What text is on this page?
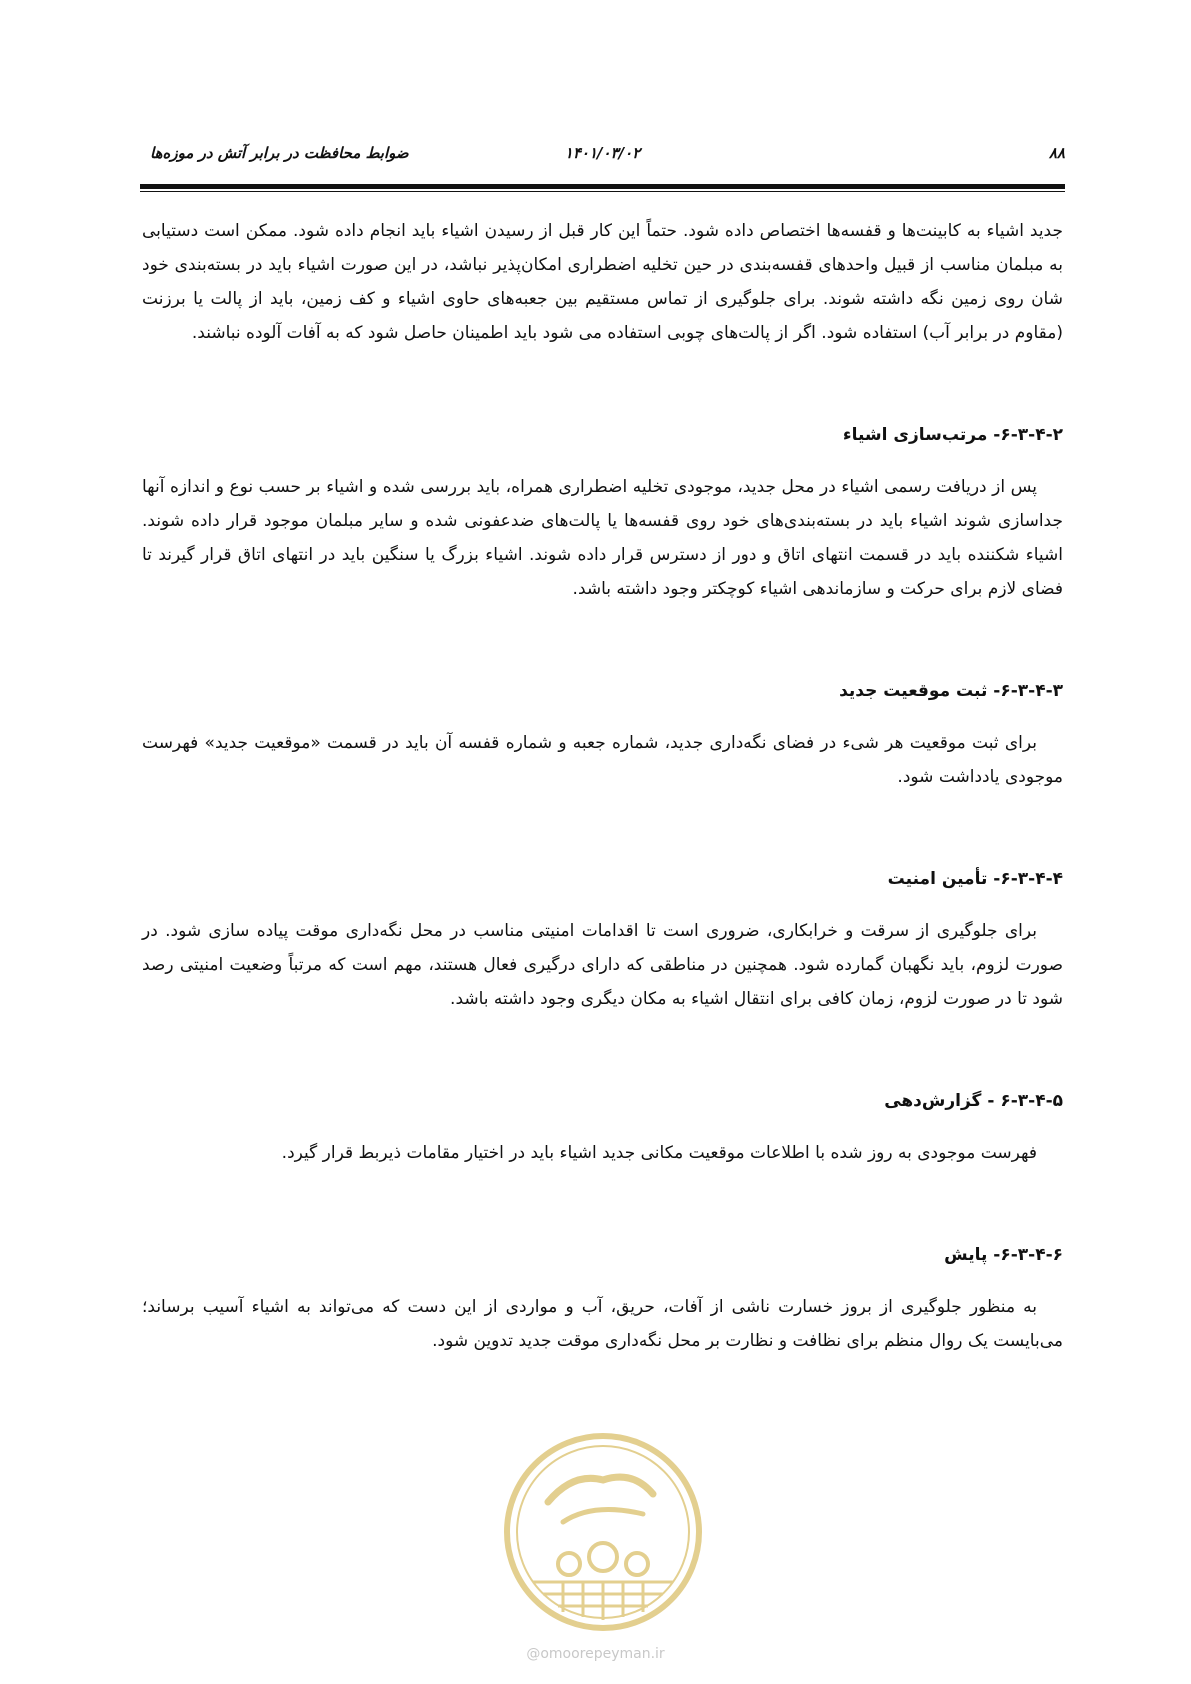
۸۸
۱۴۰۱/۰۳/۰۲
ضوابط محافظت در برابر آتش در موزه‌ها

جدید اشیاء به کابینت‌ها و قفسه‌ها اختصاص داده شود. حتماً این کار قبل از رسیدن اشیاء باید انجام داده شود. ممکن است دستیابی به مبلمان مناسب از قبیل واحدهای قفسه‌بندی در حین تخلیه اضطراری امکان‌پذیر نباشد، در این صورت اشیاء باید در بسته‌بندی خود شان روی زمین نگه داشته شوند. برای جلوگیری از تماس مستقیم بین جعبه‌های حاوی اشیاء و کف زمین، باید از پالت یا برزنت (مقاوم در برابر آب) استفاده شود. اگر از پالت‌های چوبی استفاده می شود باید اطمینان حاصل شود که به آفات آلوده نباشند.

۶-۳-۴-۲- مرتب‌سازی اشیاء

پس از دریافت رسمی اشیاء در محل جدید، موجودی تخلیه اضطراری همراه، باید بررسی شده و اشیاء بر حسب نوع و اندازه آنها جداسازی شوند اشیاء باید در بسته‌بندی‌های خود روی قفسه‌ها یا پالت‌های ضدعفونی شده و سایر مبلمان موجود قرار داده شوند. اشیاء شکننده باید در قسمت انتهای اتاق و دور از دسترس قرار داده شوند. اشیاء بزرگ یا سنگین باید در انتهای اتاق قرار گیرند تا فضای لازم برای حرکت و سازماندهی اشیاء کوچکتر وجود داشته باشد.

۶-۳-۴-۳- ثبت موقعیت جدید

برای ثبت موقعیت هر شیء در فضای نگه‌داری جدید، شماره جعبه و شماره قفسه آن باید در قسمت «موقعیت جدید» فهرست موجودی یادداشت شود.

۶-۳-۴-۴- تأمین امنیت

برای جلوگیری از سرقت و خرابکاری، ضروری است تا اقدامات امنیتی مناسب در محل نگه‌داری موقت پیاده سازی شود. در صورت لزوم، باید نگهبان گمارده شود. همچنین در مناطقی که دارای درگیری فعال هستند، مهم است که مرتباً وضعیت امنیتی رصد شود تا در صورت لزوم، زمان کافی برای انتقال اشیاء به مکان دیگری وجود داشته باشد.

۶-۳-۴-۵ - گزارش‌دهی

فهرست موجودی به روز شده با اطلاعات موقعیت مکانی جدید اشیاء باید در اختیار مقامات ذیربط قرار گیرد.

۶-۳-۴-۶- پایش

به منظور جلوگیری از بروز خسارت ناشی از آفات، حریق، آب و مواردی از این دست که می‌تواند به اشیاء آسیب برساند؛ می‌بایست یک روال منظم برای نظافت و نظارت بر محل نگه‌داری موقت جدید تدوین شود.

@omoorepeyman.ir
